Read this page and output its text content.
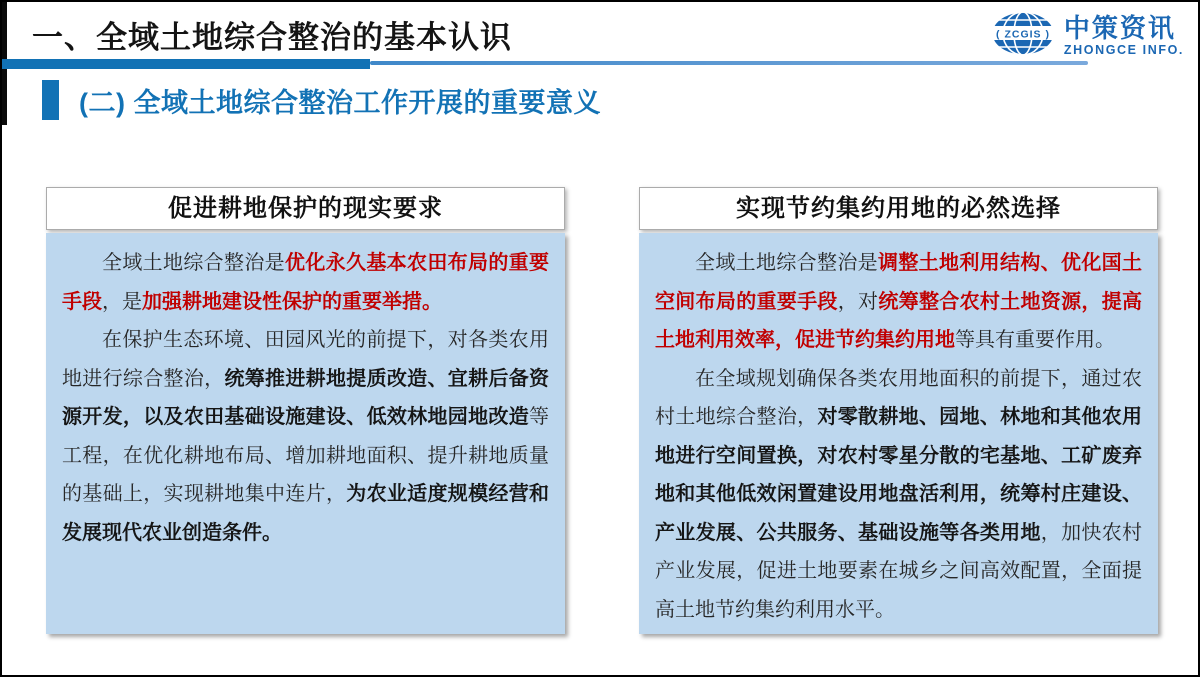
一、全域土地综合整治的基本认识	( ZCGIS ) 中策资讯
ZHONGCE INFO.
(二) 全域土地综合整治工作开展的重要意义
促进耕地保护的现实要求

全域土地综合整治是优化永久基本农田布局的重要手段，是加强耕地建设性保护的重要举措。

在保护生态环境、田园风光的前提下，对各类农用地进行综合整治，统筹推进耕地提质改造、宜耕后备资源开发，以及农田基础设施建设、低效林地园地改造等工程，在优化耕地布局、增加耕地面积、提升耕地质量的基础上，实现耕地集中连片，为农业适度规模经营和发展现代农业创造条件。

实现节约集约用地的必然选择

全域土地综合整治是调整土地利用结构、优化国土空间布局的重要手段，对统筹整合农村土地资源，提高土地利用效率，促进节约集约用地等具有重要作用。

在全域规划确保各类农用地面积的前提下，通过农村土地综合整治，对零散耕地、园地、林地和其他农用地进行空间置换，对农村零星分散的宅基地、工矿废弃地和其他低效闲置建设用地盘活利用，统筹村庄建设、产业发展、公共服务、基础设施等各类用地，加快农村产业发展，促进土地要素在城乡之间高效配置，全面提高土地节约集约利用水平。
